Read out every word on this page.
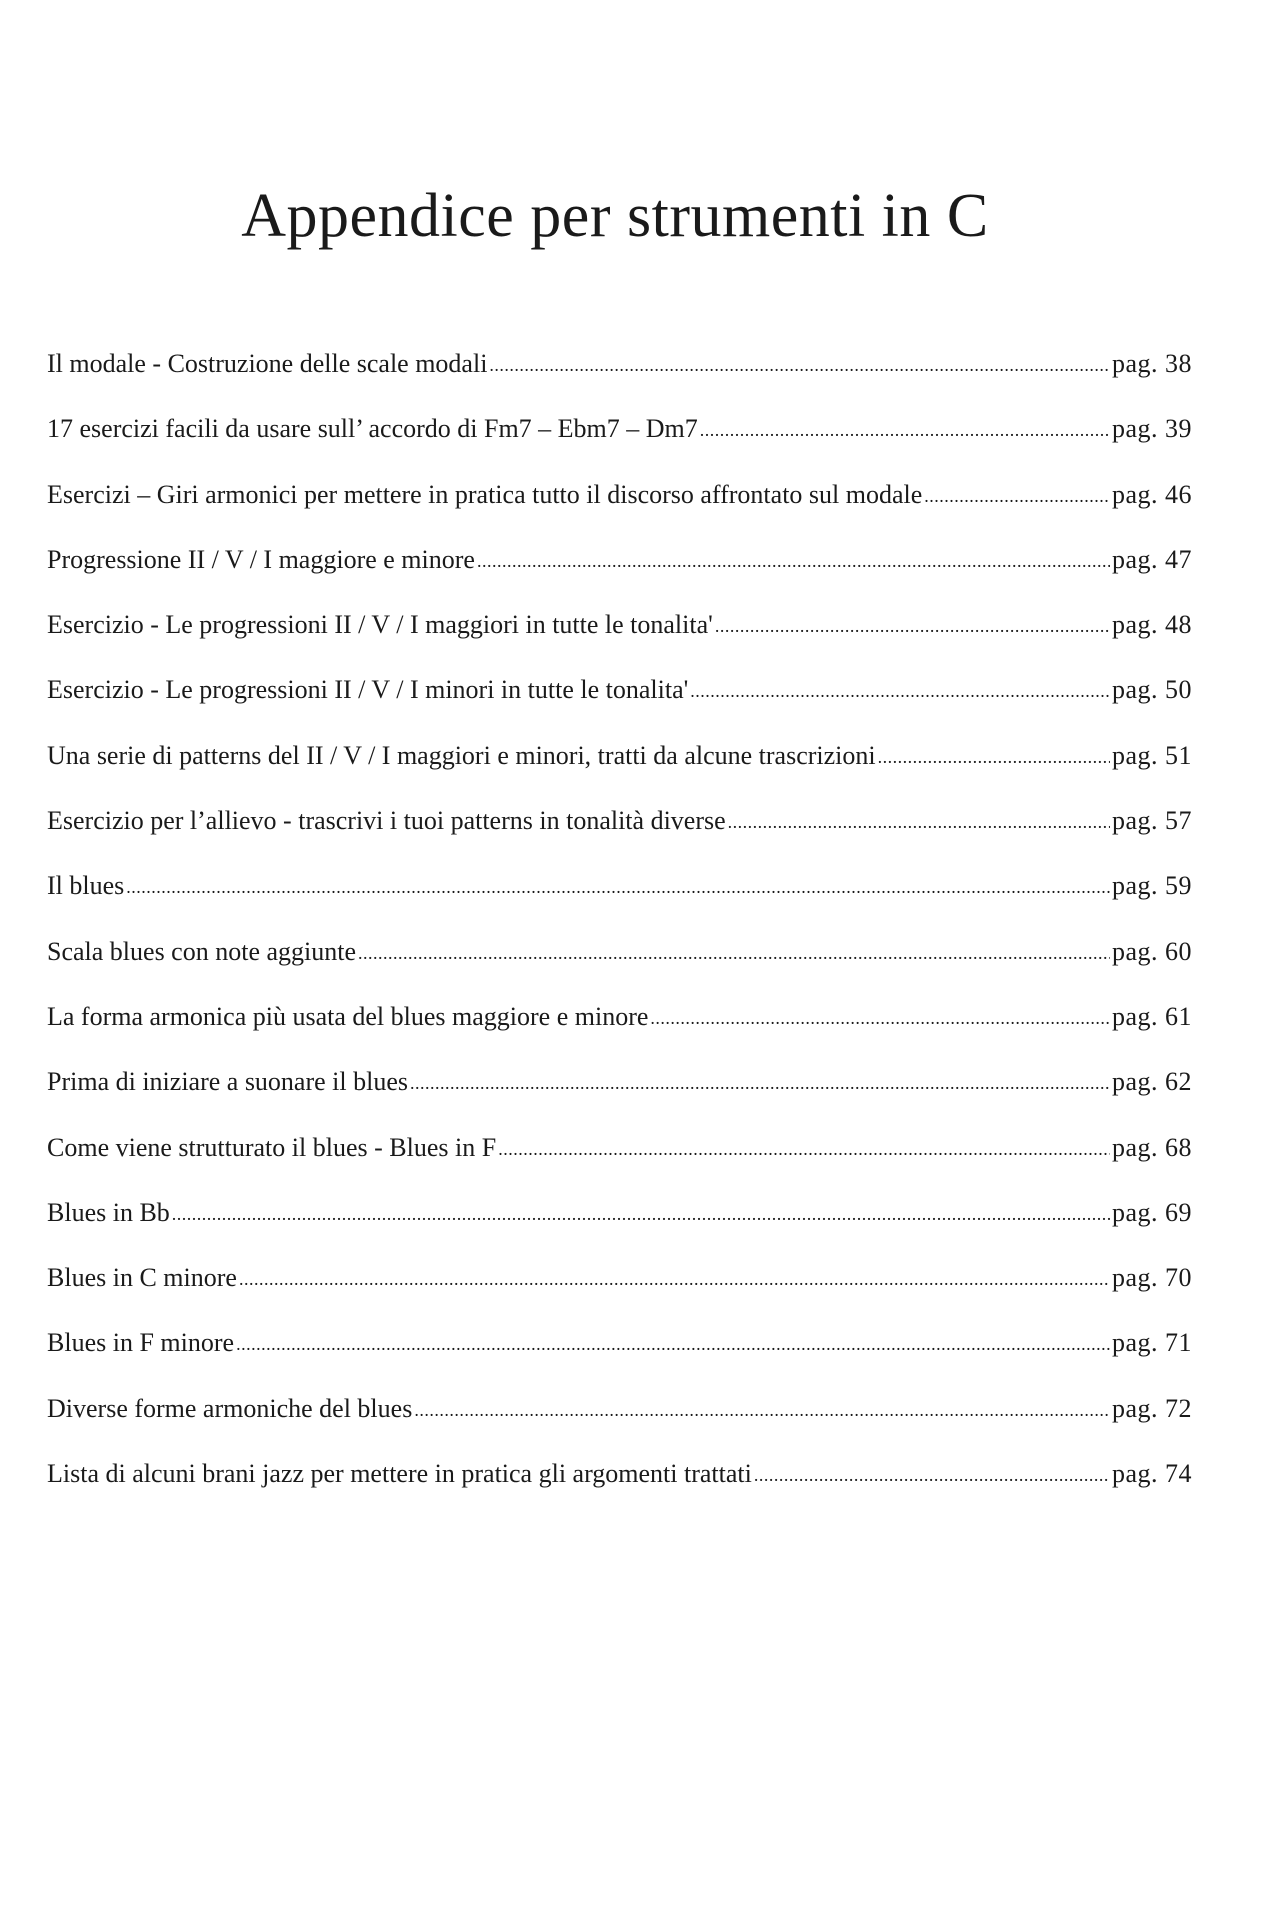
Appendice per strumenti in C
Il modale - Costruzione delle scale modali .....	pag. 38
17 esercizi facili da usare sull’ accordo di Fm7 – Ebm7 – Dm7 .....	pag. 39
Esercizi – Giri armonici per mettere in pratica tutto il discorso affrontato sul modale .....	pag. 46
Progressione II / V / I maggiore e minore .....	pag. 47
Esercizio - Le progressioni II / V / I maggiori in tutte le tonalita' .....	pag. 48
Esercizio - Le progressioni II / V / I minori in tutte le tonalita' .....	pag. 50
Una serie di patterns del II / V / I maggiori e minori, tratti da alcune trascrizioni .....	pag. 51
Esercizio per l’allievo - trascrivi i tuoi patterns in tonalità diverse .....	pag. 57
Il blues .....	pag. 59
Scala blues con note aggiunte .....	pag. 60
La forma armonica più usata del blues maggiore e minore .....	pag. 61
Prima di iniziare a suonare il blues .....	pag. 62
Come viene strutturato il blues - Blues in F .....	pag. 68
Blues in Bb .....	pag. 69
Blues in C minore .....	pag. 70
Blues in F minore .....	pag. 71
Diverse forme armoniche del blues .....	pag. 72
Lista di alcuni brani jazz per mettere in pratica gli argomenti trattati .....	pag. 74
